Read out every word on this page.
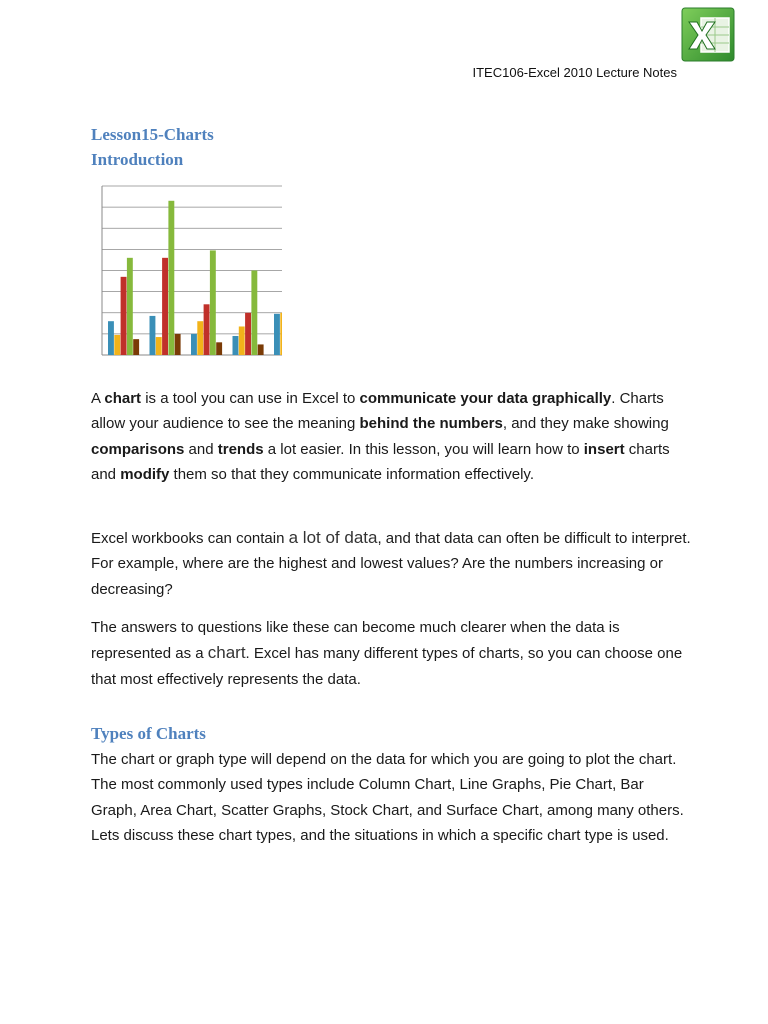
ITEC106-Excel 2010 Lecture Notes
Lesson15-Charts
Introduction
A chart is a tool you can use in Excel to communicate your data graphically. Charts allow your audience to see the meaning behind the numbers, and they make showing comparisons and trends a lot easier. In this lesson, you will learn how to insert charts and modify them so that they communicate information effectively.
Excel workbooks can contain a lot of data, and that data can often be difficult to interpret. For example, where are the highest and lowest values? Are the numbers increasing or decreasing?
The answers to questions like these can become much clearer when the data is represented as a chart. Excel has many different types of charts, so you can choose one that most effectively represents the data.
Types of Charts
The chart or graph type will depend on the data for which you are going to plot the chart. The most commonly used types include Column Chart, Line Graphs, Pie Chart, Bar Graph, Area Chart, Scatter Graphs, Stock Chart, and Surface Chart, among many others. Lets discuss these chart types, and the situations in which a specific chart type is used.
